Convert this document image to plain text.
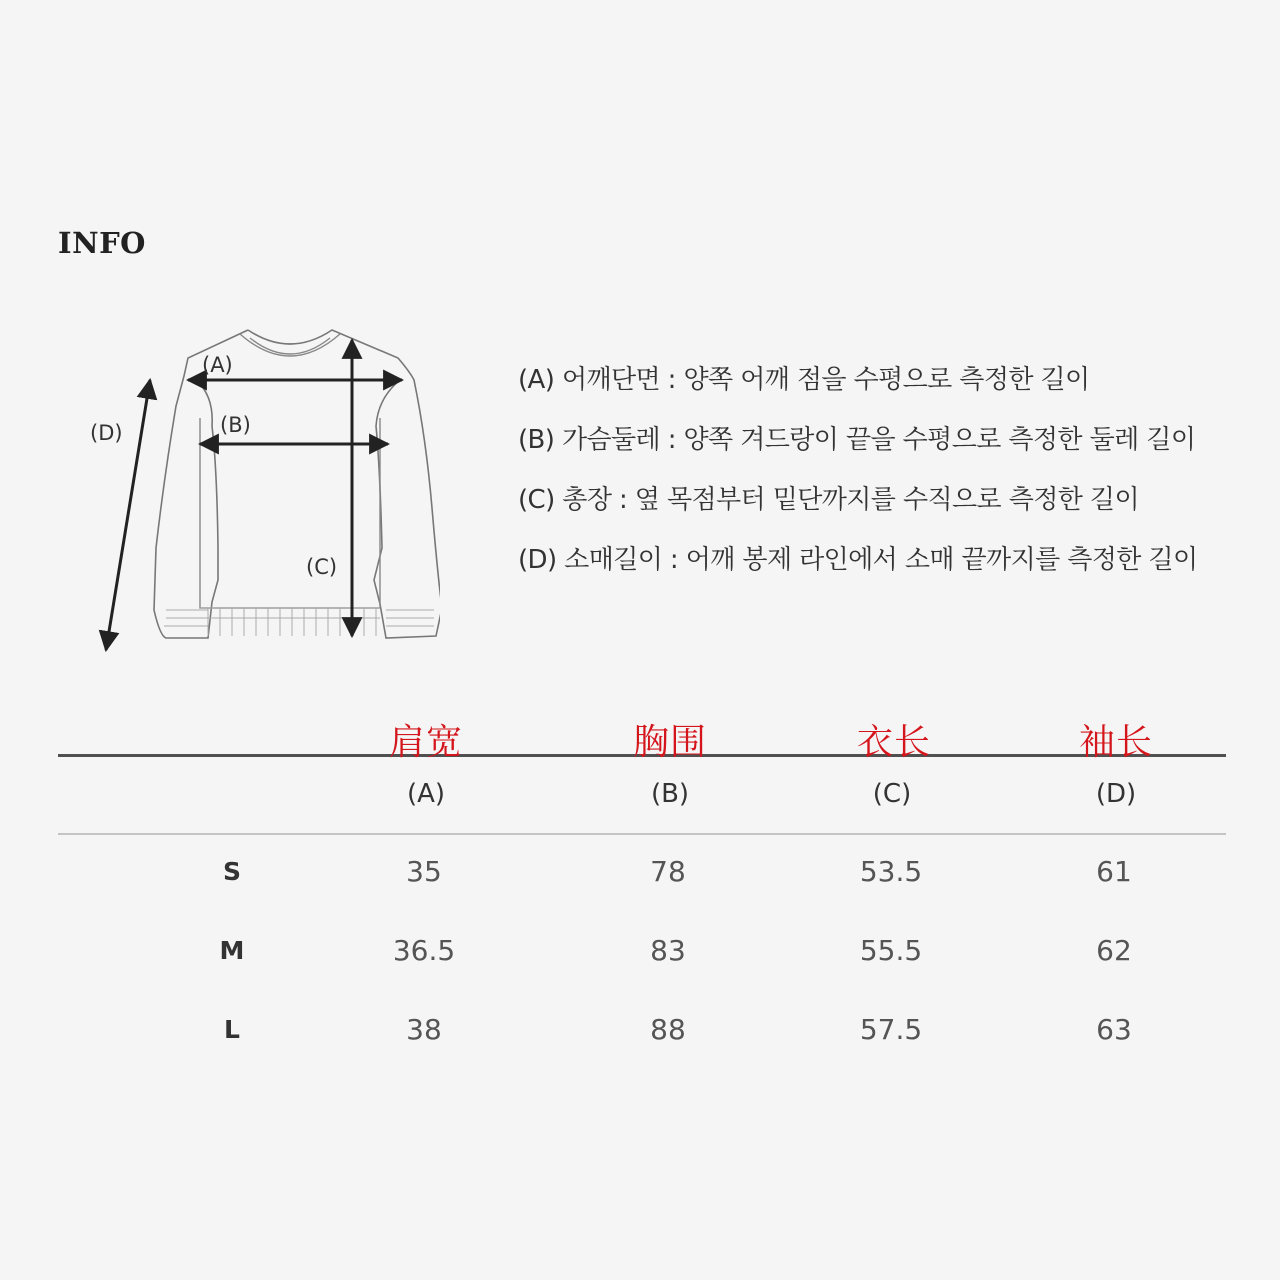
INFO
(A)
(B)
(C)
(D)
(A) 어깨단면 : 양쪽 어깨 점을 수평으로 측정한 길이
(B) 가슴둘레 : 양쪽 겨드랑이 끝을 수평으로 측정한 둘레 길이
(C) 총장 : 옆 목점부터 밑단까지를 수직으로 측정한 길이
(D) 소매길이 : 어깨 봉제 라인에서 소매 끝까지를 측정한 길이
肩宽	胸围	衣长	袖长
(A)	(B)	(C)	(D)
S	35	78	53.5	61
M	36.5	83	55.5	62
L	38	88	57.5	63
